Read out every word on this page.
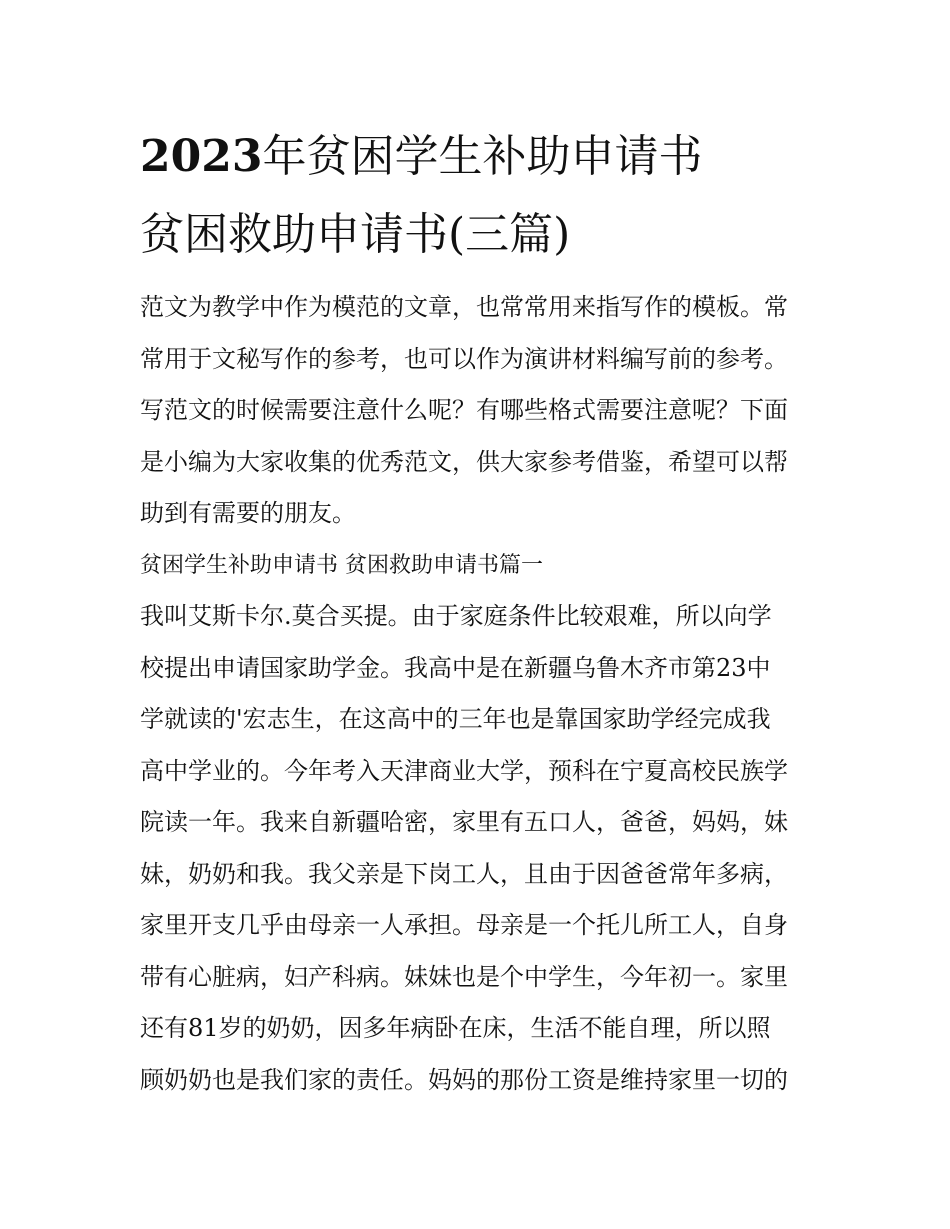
2023年贫困学生补助申请书
贫困救助申请书(三篇)
范文为教学中作为模范的文章，也常常用来指写作的模板。常
常用于文秘写作的参考，也可以作为演讲材料编写前的参考。
写范文的时候需要注意什么呢？有哪些格式需要注意呢？下面
是小编为大家收集的优秀范文，供大家参考借鉴，希望可以帮
助到有需要的朋友。
贫困学生补助申请书 贫困救助申请书篇一
我叫艾斯卡尔.莫合买提。由于家庭条件比较艰难，所以向学
校提出申请国家助学金。我高中是在新疆乌鲁木齐市第23中
学就读的'宏志生，在这高中的三年也是靠国家助学经完成我
高中学业的。今年考入天津商业大学，预科在宁夏高校民族学
院读一年。我来自新疆哈密，家里有五口人，爸爸，妈妈，妹
妹，奶奶和我。我父亲是下岗工人，且由于因爸爸常年多病，
家里开支几乎由母亲一人承担。母亲是一个托儿所工人，自身
带有心脏病，妇产科病。妹妹也是个中学生，今年初一。家里
还有81岁的奶奶，因多年病卧在床，生活不能自理，所以照
顾奶奶也是我们家的责任。妈妈的那份工资是维持家里一切的
